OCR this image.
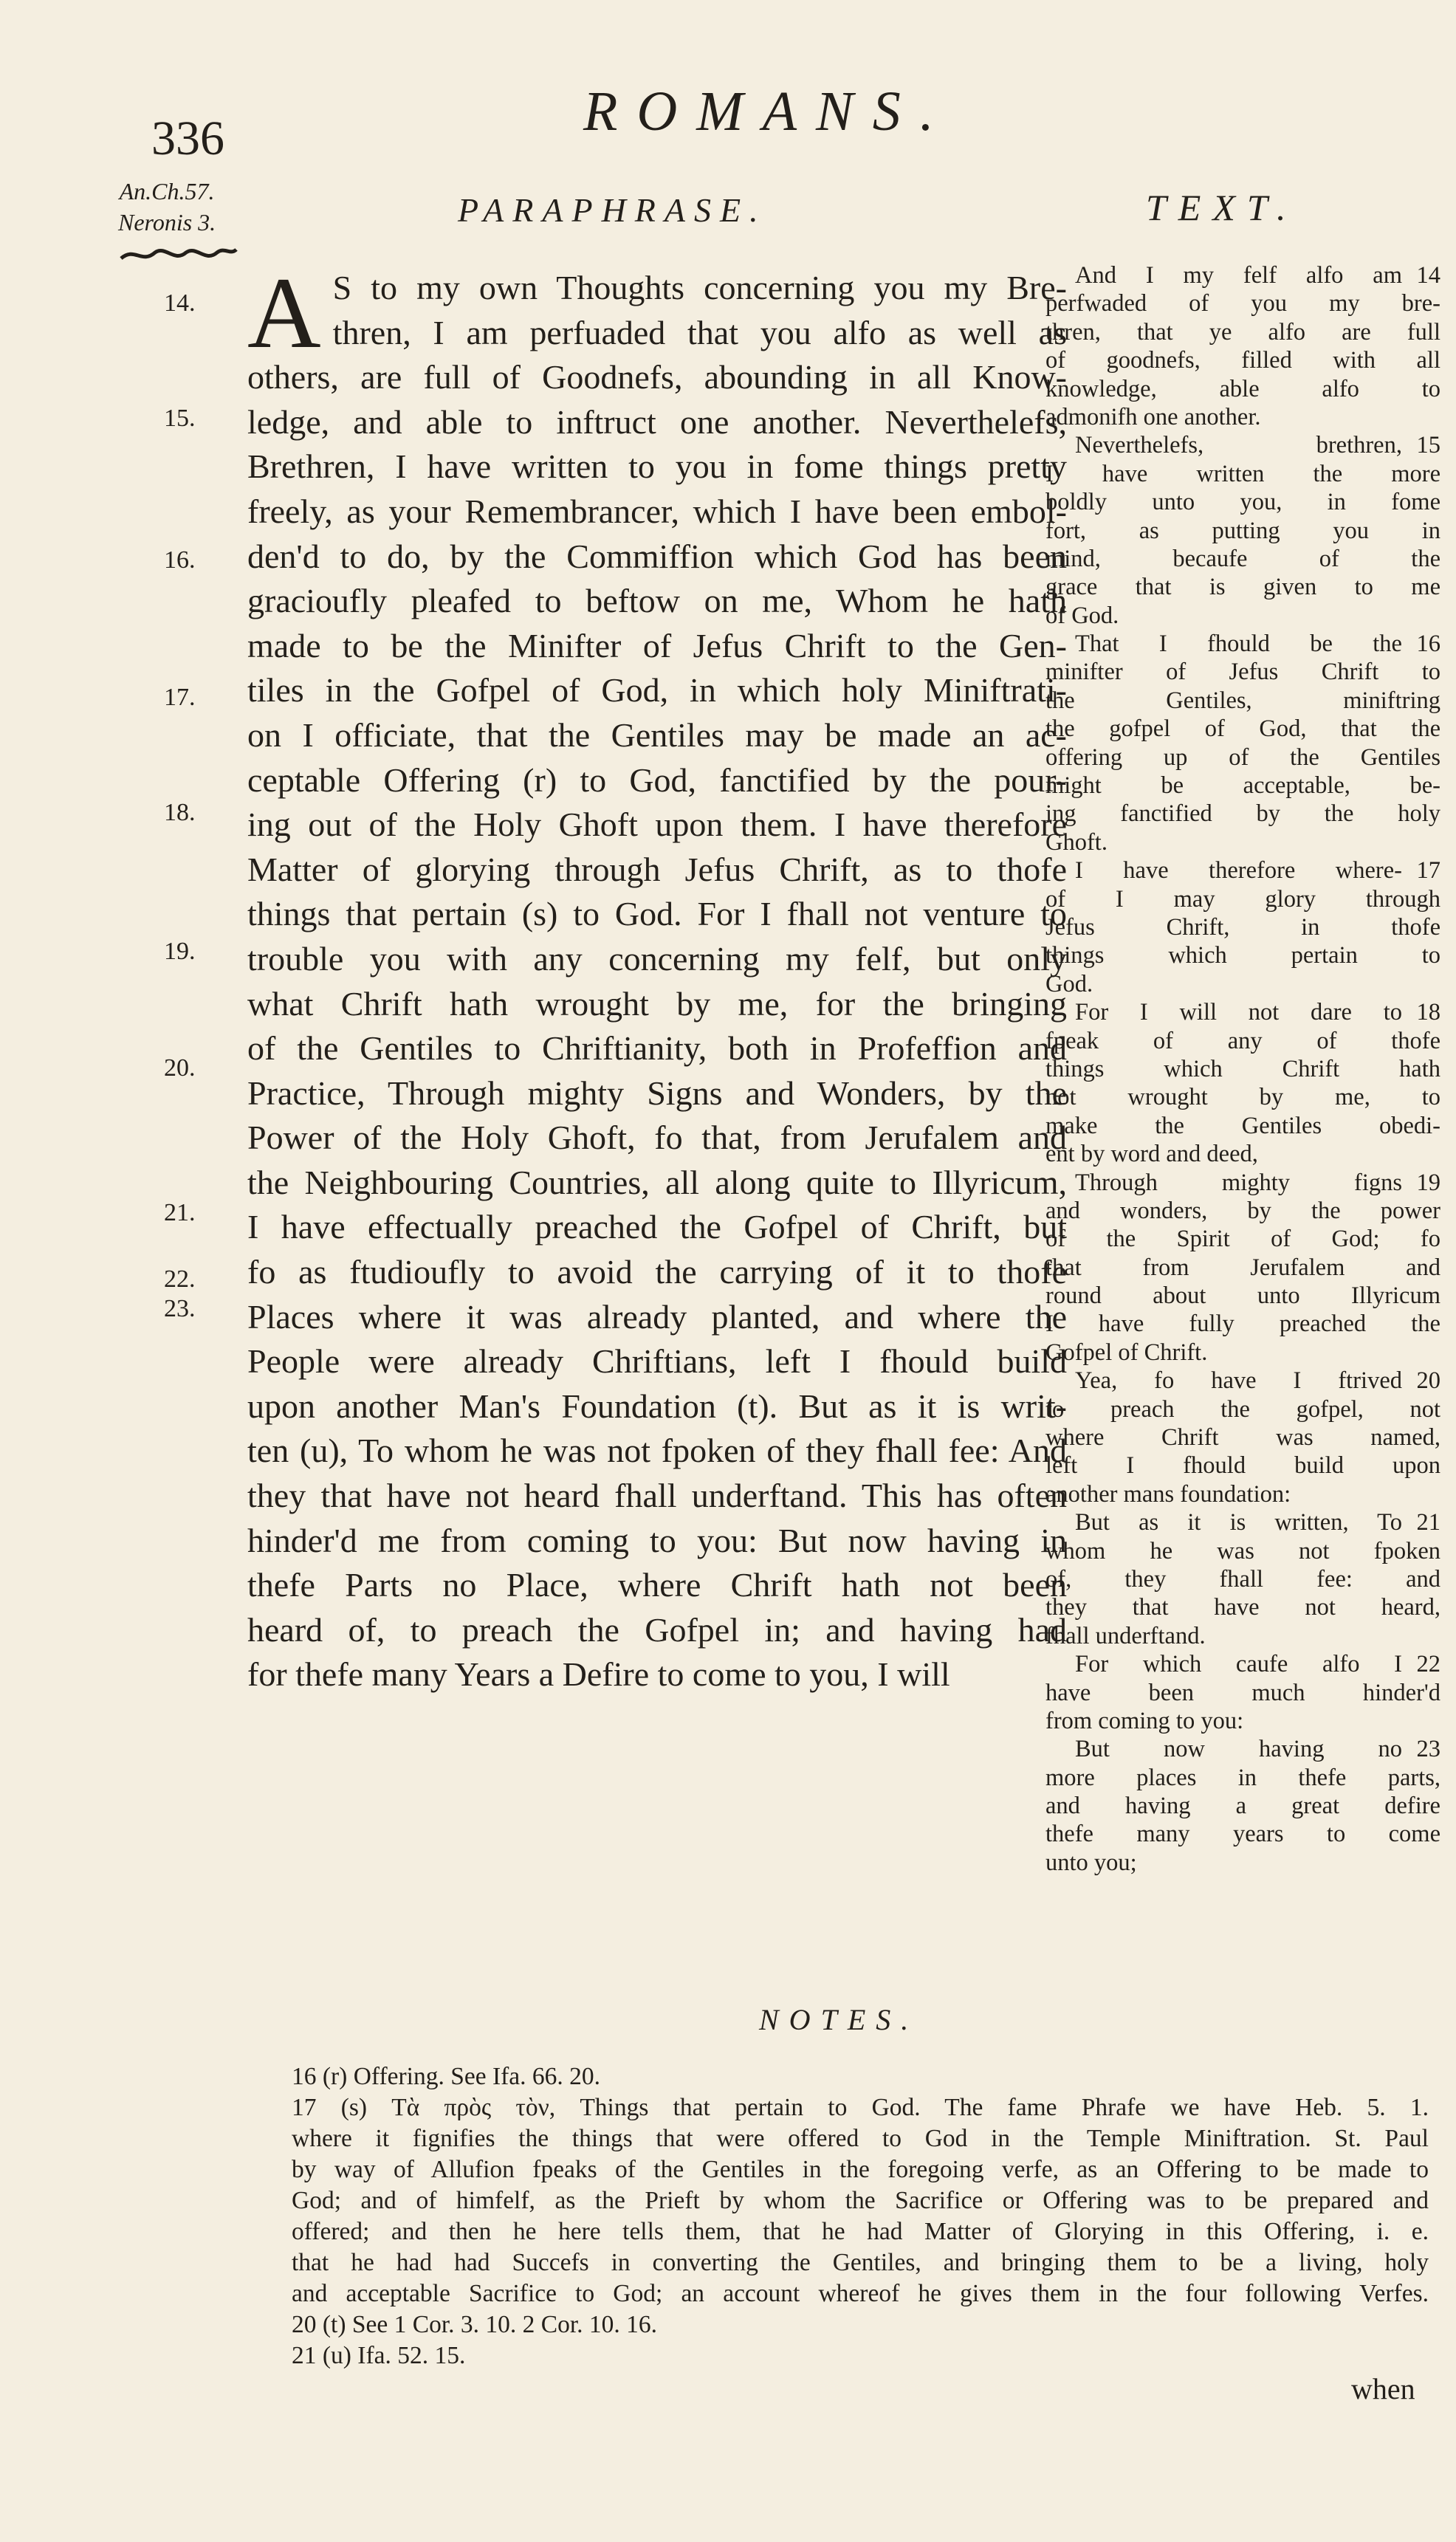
336	ROMANS.
An.Ch.57.
Neronis 3.	PARAPHRASE.	TEXT.
14.
15.
16.
17.
18.
19.
20.
21.
22.
23.
A S to my own Thoughts concerning you my Bre-
thren, I am perfuaded that you alfo as well as
others, are full of Goodnefs, abounding in all Know-
ledge, and able to inftruct one another. Neverthelefs,
Brethren, I have written to you in fome things pretty
freely, as your Remembrancer, which I have been embol-
den'd to do, by the Commiffion which God has been
gracioufly pleafed to beftow on me, Whom he hath
made to be the Minifter of Jefus Chrift to the Gen-
tiles in the Gofpel of God, in which holy Miniftrati-
on I officiate, that the Gentiles may be made an ac-
ceptable Offering (r) to God, fanctified by the pour-
ing out of the Holy Ghoft upon them. I have therefore
Matter of glorying through Jefus Chrift, as to thofe
things that pertain (s) to God. For I fhall not venture to
trouble you with any concerning my felf, but only
what Chrift hath wrought by me, for the bringing
of the Gentiles to Chriftianity, both in Profeffion and
Practice, Through mighty Signs and Wonders, by the
Power of the Holy Ghoft, fo that, from Jerufalem and
the Neighbouring Countries, all along quite to Illyricum,
I have effectually preached the Gofpel of Chrift, but
fo as ftudioufly to avoid the carrying of it to thofe
Places where it was already planted, and where the
People were already Chriftians, left I fhould build
upon another Man's Foundation (t). But as it is writ-
ten (u), To whom he was not fpoken of they fhall fee: And
they that have not heard fhall underftand. This has often
hinder'd me from coming to you: But now having in
thefe Parts no Place, where Chrift hath not been
heard of, to preach the Gofpel in; and having had
for thefe many Years a Defire to come to you, I will
And I my felf alfo am 14
perfwaded of you my bre-
thren, that ye alfo are full
of goodnefs, filled with all
knowledge, able alfo to
admonifh one another.
Neverthelefs, brethren, 15
I have written the more
boldly unto you, in fome
fort, as putting you in
mind, becaufe of the
grace that is given to me
of God.
That I fhould be the 16
minifter of Jefus Chrift to
the Gentiles, miniftring
the gofpel of God, that the
offering up of the Gentiles
might be acceptable, be-
ing fanctified by the holy
Ghoft.
I have therefore where- 17
of I may glory through
Jefus Chrift, in thofe
things which pertain to
God.
For I will not dare to 18
fpeak of any of thofe
things which Chrift hath
not wrought by me, to
make the Gentiles obedi-
ent by word and deed,
Through mighty figns 19
and wonders, by the power
of the Spirit of God; fo
that from Jerufalem and
round about unto Illyricum
I have fully preached the
Gofpel of Chrift.
Yea, fo have I ftrived 20
to preach the gofpel, not
where Chrift was named,
left I fhould build upon
another mans foundation:
But as it is written, To 21
whom he was not fpoken
of, they fhall fee: and
they that have not heard,
fhall underftand.
For which caufe alfo I 22
have been much hinder'd
from coming to you:
But now having no 23
more places in thefe parts,
and having a great defire
thefe many years to come
unto you;
NOTES.
16 (r) Offering. See Ifa. 66. 20.
17 (s) Τὰ πρὸς τὸν, Things that pertain to God. The fame Phrafe we have Heb. 5. 1.
where it fignifies the things that were offered to God in the Temple Miniftration. St. Paul
by way of Allufion fpeaks of the Gentiles in the foregoing verfe, as an Offering to be made to
God; and of himfelf, as the Prieft by whom the Sacrifice or Offering was to be prepared and
offered; and then he here tells them, that he had Matter of Glorying in this Offering, i. e.
that he had had Succefs in converting the Gentiles, and bringing them to be a living, holy
and acceptable Sacrifice to God; an account whereof he gives them in the four following Verfes.
20 (t) See 1 Cor. 3. 10. 2 Cor. 10. 16.
21 (u) Ifa. 52. 15.
when
